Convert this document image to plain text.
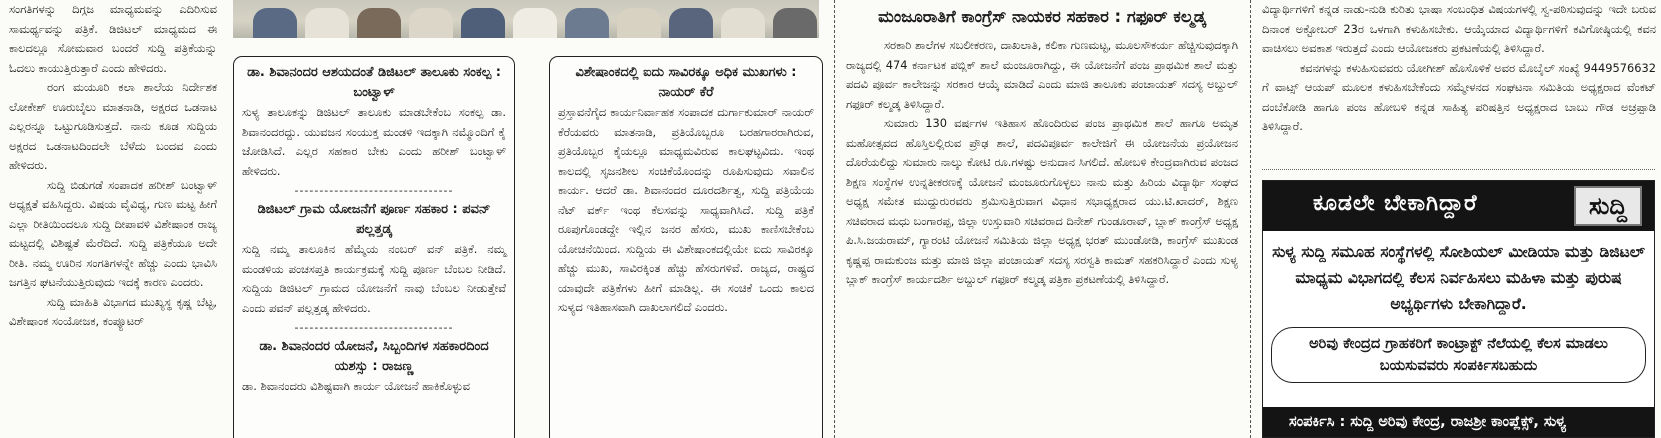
ಸಂಗತಿಗಳನ್ನು ದಿಗ್ಗಜ ಮಾಧ್ಯಮವನ್ನು ಎದಿರಿಸುವ ಸಾಮರ್ಥ್ಯವನ್ನು ಪತ್ರಿಕೆ. ಡಿಜಿಟಲ್ ಮಾಧ್ಯಮದ ಈ ಕಾಲದಲ್ಲೂ ಸೋಮವಾರ ಬಂದರೆ ಸುದ್ದಿ ಪತ್ರಿಕೆಯನ್ನು ಓದಲು ಕಾಯುತ್ತಿರುತ್ತಾರೆ ಎಂದು ಹೇಳಿದರು.

ರಂಗ ಮಯೂರಿ ಕಲಾ ಶಾಲೆಯ ನಿರ್ದೇಶಕ ಲೋಕೇಶ್ ಊರುಬೈಲು ಮಾತನಾಡಿ, ಅಕ್ಷರದ ಒಡನಾಟ ಎಲ್ಲರನ್ನೂ ಒಟ್ಟುಗೂಡಿಸುತ್ತದೆ. ನಾನು ಕೂಡ ಸುದ್ದಿಯ ಅಕ್ಷರದ ಒಡನಾಟದಿಂದಲೇ ಬೆಳೆದು ಬಂದವ ಎಂದು ಹೇಳಿದರು.

ಸುದ್ದಿ ಬಿಡುಗಡೆ ಸಂಪಾದಕ ಹರೀಶ್ ಬಂಟ್ವಾಳ್ ಅಧ್ಯಕ್ಷತೆ ವಹಿಸಿದ್ದರು. ವಿಷಯ ವೈವಿಧ್ಯ, ಗುಣ ಮಟ್ಟ ಹೀಗೆ ಎಲ್ಲಾ ರೀತಿಯಿಂದಲೂ ಸುದ್ದಿ ದೀಪಾವಳಿ ವಿಶೇಷಾಂಕ ರಾಜ್ಯ ಮಟ್ಟದಲ್ಲಿ ವಿಶಿಷ್ಟತೆ ಮೆರೆದಿದೆ. ಸುದ್ದಿ ಪತ್ರಿಕೆಯೂ ಅದೇ ರೀತಿ. ನಮ್ಮ ಊರಿನ ಸಂಗತಿಗಳನ್ನೇ ಹೆಚ್ಚು ಎಂದು ಭಾವಿಸಿ ಜಗತ್ತಿನ ಘಟನೆಯುತ್ತಿರುವುದು ಇದಕ್ಕೆ ಕಾರಣ ಎಂದರು.

ಸುದ್ದಿ ಮಾಹಿತಿ ವಿಭಾಗದ ಮುಖ್ಯಸ್ಥ ಕೃಷ್ಣ ಬೆಟ್ಟ, ವಿಶೇಷಾಂಕ ಸಂಯೋಜಕ, ಕಂಪ್ಯೂಟರ್

ಡಾ. ಶಿವಾನಂದರ ಆಶಯದಂತೆ ಡಿಜಿಟಲ್ ತಾಲೂಕು ಸಂಕಲ್ಪ : ಬಂಟ್ವಾಳ್

ಸುಳ್ಯ ತಾಲೂಕನ್ನು ಡಿಜಿಟಲ್ ತಾಲೂಕು ಮಾಡಬೇಕೆಂಬ ಸಂಕಲ್ಪ ಡಾ. ಶಿವಾನಂದರದ್ದು. ಯುವಜನ ಸಂಯುಕ್ತ ಮಂಡಳಿ ಇದಕ್ಕಾಗಿ ನಮ್ಮೊಂದಿಗೆ ಕೈ ಜೋಡಿಸಿದೆ. ಎಲ್ಲರ ಸಹಕಾರ ಬೇಕು ಎಂದು ಹರೀಶ್ ಬಂಟ್ವಾಳ್ ಹೇಳಿದರು.

--------------------------------
ಡಿಜಿಟಲ್ ಗ್ರಾಮ ಯೋಜನೆಗೆ ಪೂರ್ಣ ಸಹಕಾರ : ಪವನ್ ಪಲ್ಲತ್ತಡ್ಕ

ಸುದ್ದಿ ನಮ್ಮ ತಾಲೂಕಿನ ಹೆಮ್ಮೆಯ ನಂಬರ್ ವನ್ ಪತ್ರಿಕೆ. ನಮ್ಮ ಮಂಡಳಿಯ ಪಂಚಸಪ್ತತಿ ಕಾರ್ಯಕ್ರಮಕ್ಕೆ ಸುದ್ದಿ ಪೂರ್ಣ ಬೆಂಬಲ ನೀಡಿದೆ. ಸುದ್ದಿಯ ಡಿಜಿಟಲ್ ಗ್ರಾಮದ ಯೋಜನೆಗೆ ನಾವು ಬೆಂಬಲ ನೀಡುತ್ತೇವೆ ಎಂದು ಪವನ್ ಪಲ್ಲತ್ತಡ್ಕ ಹೇಳಿದರು.

--------------------------------
ಡಾ. ಶಿವಾನಂದರ ಯೋಜನೆ, ಸಿಬ್ಬಂದಿಗಳ ಸಹಕಾರದಿಂದ ಯಶಸ್ಸು : ರಾಜಣ್ಣ

ಡಾ. ಶಿವಾನಂದರು ವಿಶಿಷ್ಟವಾಗಿ ಕಾರ್ಯ ಯೋಜನೆ ಹಾಕಿಕೊಳ್ಳುವ

ವಿಶೇಷಾಂಕದಲ್ಲಿ ಐದು ಸಾವಿರಕ್ಕೂ ಅಧಿಕ ಮುಖಗಳು : ನಾಯರ್ ಕೆರೆ

ಪ್ರಸ್ತಾವನೆಗೈದ ಕಾರ್ಯನಿರ್ವಾಹಕ ಸಂಪಾದಕ ದುರ್ಗಾಕುಮಾರ್ ನಾಯರ್ ಕೆರೆಯವರು ಮಾತನಾಡಿ, ಪ್ರತಿಯೊಬ್ಬರೂ ಬರಹಗಾರರಾಗಿರುವ, ಪ್ರತಿಯೊಬ್ಬರ ಕೈಯಲ್ಲೂ ಮಾಧ್ಯಮವಿರುವ ಕಾಲಘಟ್ಟವಿದು. ಇಂಥ ಕಾಲದಲ್ಲಿ ಸೃಜನಶೀಲ ಸಂಚಿಕೆಯೊಂದನ್ನು ರೂಪಿಸುವುದು ಸವಾಲಿನ ಕಾರ್ಯ. ಆದರೆ ಡಾ. ಶಿವಾನಂದರ ದೂರದರ್ಶಿತ್ವ, ಸುದ್ದಿ ಪತ್ರಿಯೆಯ ನೆಟ್ ವರ್ಕ್ ಇಂಥ ಕೆಲಸವನ್ನು ಸಾಧ್ಯವಾಗಿಸಿದೆ. ಸುದ್ದಿ ಪತ್ರಿಕೆ ರೂಪುಗೊಂಡದ್ದೇ ಇಲ್ಲಿನ ಜನರ ಹೆಸರು, ಮುಖ ಕಾಣಿಸಬೇಕೆಂಬ ಯೋಚನೆಯಿಂದ. ಸುದ್ದಿಯ ಈ ವಿಶೇಷಾಂಕದಲ್ಲಿಯೇ ಐದು ಸಾವಿರಕ್ಕೂ ಹೆಚ್ಚು ಮುಖ, ಸಾವಿರಕ್ಕಿಂತ ಹೆಚ್ಚು ಹೆಸರುಗಳಿವೆ. ರಾಜ್ಯದ, ರಾಷ್ಟ್ರದ ಯಾವುದೇ ಪತ್ರಿಕೆಗಳು ಹೀಗೆ ಮಾಡಿಲ್ಲ. ಈ ಸಂಚಿಕೆ ಒಂದು ಕಾಲದ ಸುಳ್ಯದ ಇತಿಹಾಸವಾಗಿ ದಾಖಲಾಗಲಿದೆ ಎಂದರು.

ಮಂಜೂರಾತಿಗೆ ಕಾಂಗ್ರೆಸ್ ನಾಯಕರ ಸಹಕಾರ : ಗಫೂರ್ ಕಲ್ಮಡ್ಕ

ಸರಕಾರಿ ಶಾಲೆಗಳ ಸಬಲೀಕರಣ, ದಾಖಲಾತಿ, ಕಲಿಕಾ ಗುಣಮಟ್ಟ, ಮೂಲಸೌಕರ್ಯ ಹೆಚ್ಚಿಸುವುದಕ್ಕಾಗಿ ರಾಜ್ಯದಲ್ಲಿ 474 ಕರ್ನಾಟಕ ಪಬ್ಲಿಕ್ ಶಾಲೆ ಮಂಜೂರಾಗಿದ್ದು, ಈ ಯೋಜನೆಗೆ ಪಂಜ ಪ್ರಾಥಮಿಕ ಶಾಲೆ ಮತ್ತು ಪದವಿ ಪೂರ್ವ ಕಾಲೇಜನ್ನು ಸರಕಾರ ಆಯ್ಕೆ ಮಾಡಿದೆ ಎಂದು ಮಾಜಿ ತಾಲೂಕು ಪಂಚಾಯತ್ ಸದಸ್ಯ ಅಬ್ದುಲ್ ಗಫೂರ್ ಕಲ್ಮಡ್ಕ ತಿಳಿಸಿದ್ದಾರೆ.

ಸುಮಾರು 130 ವರ್ಷಗಳ ಇತಿಹಾಸ ಹೊಂದಿರುವ ಪಂಜ ಪ್ರಾಥಮಿಕ ಶಾಲೆ ಹಾಗೂ ಅಮೃತ ಮಹೋತ್ಸವದ ಹೊಸ್ತಿಲಲ್ಲಿರುವ ಪ್ರೌಢ ಶಾಲೆ, ಪದವಿಪೂರ್ವ ಕಾಲೇಜಿಗೆ ಈ ಯೋಜನೆಯ ಪ್ರಯೋಜನ ದೊರೆಯಲಿದ್ದು ಸುಮಾರು ನಾಲ್ಕು ಕೋಟಿ ರೂ.ಗಳಷ್ಟು ಅನುದಾನ ಸಿಗಲಿದೆ. ಹೋಬಳಿ ಕೇಂದ್ರವಾಗಿರುವ ಪಂಜದ ಶಿಕ್ಷಣ ಸಂಸ್ಥೆಗಳ ಉನ್ನತೀಕರಣಕ್ಕೆ ಯೋಜನೆ ಮಂಜೂರುಗೊಳ್ಳಲು ನಾನು ಮತ್ತು ಹಿರಿಯ ವಿದ್ಯಾರ್ಥಿ ಸಂಘದ ಅಧ್ಯಕ್ಷ ಸಮೇತ ಮುದ್ದುರುರವರು ಶ್ರಮಿಸುತ್ತಿರುವಾಗ ವಿಧಾನ ಸಭಾಧ್ಯಕ್ಷರಾದ ಯು.ಟಿ.ಖಾದರ್, ಶಿಕ್ಷಣ ಸಚಿವರಾದ ಮಧು ಬಂಗಾರಪ್ಪ, ಜಿಲ್ಲಾ ಉಸ್ತುವಾರಿ ಸಚಿವರಾದ ದಿನೇಶ್ ಗುಂಡೂರಾವ್, ಬ್ಲಾಕ್ ಕಾಂಗ್ರೆಸ್ ಅಧ್ಯಕ್ಷ ಪಿ.ಸಿ.ಜಯರಾಮ್, ಗ್ಯಾರಂಟಿ ಯೋಜನೆ ಸಮಿತಿಯ ಜಿಲ್ಲಾ ಅಧ್ಯಕ್ಷ ಭರತ್ ಮುಂಡೋಡಿ, ಕಾಂಗ್ರೆಸ್ ಮುಖಂಡ ಕೃಷ್ಣಪ್ಪ ರಾಮಕುಂಜ ಮತ್ತು ಮಾಜಿ ಜಿಲ್ಲಾ ಪಂಚಾಯತ್ ಸದಸ್ಯ ಸರಸ್ವತಿ ಕಾಮತ್ ಸಹಕರಿಸಿದ್ದಾರೆ ಎಂದು ಸುಳ್ಯ ಬ್ಲಾಕ್ ಕಾಂಗ್ರೆಸ್ ಕಾರ್ಯದರ್ಶಿ ಅಬ್ದುಲ್ ಗಫೂರ್ ಕಲ್ಮಡ್ಕ ಪತ್ರಿಕಾ ಪ್ರಕಟಣೆಯಲ್ಲಿ ತಿಳಿಸಿದ್ದಾರೆ.

ವಿದ್ಯಾರ್ಥಿಗಳಿಗೆ ಕನ್ನಡ ನಾಡು-ನುಡಿ ಕುರಿತು ಭಾಷಾ ಸಂಬಂಧಿತ ವಿಷಯಗಳಲ್ಲಿ ಸ್ವ-ಪಠಿಸುವುದನ್ನು ಇದೇ ಬರುವ ದಿನಾಂಕ ಅಕ್ಟೋಬರ್ 23ರ ಒಳಗಾಗಿ ಕಳುಹಿಸಬೇಕು. ಆಯ್ಕೆಯಾದ ವಿದ್ಯಾರ್ಥಿಗಳಿಗೆ ಕವಿಗೋಷ್ಠಿಯಲ್ಲಿ ಕವನ ವಾಚಿಸಲು ಅವಕಾಶ ಇರುತ್ತದೆ ಎಂದು ಆಯೋಜಕರು ಪ್ರಕಟಣೆಯಲ್ಲಿ ತಿಳಿಸಿದ್ದಾರೆ.

ಕವನಗಳನ್ನು ಕಳುಹಿಸುವವರು ಯೋಗೀಶ್ ಹೊಸೊಳಿಕೆ ಅವರ ಮೊಬೈಲ್ ಸಂಖ್ಯೆ 9449576632 ಗೆ ವಾಟ್ಸ್ ಆಯಪ್ ಮೂಲಕ ಕಳುಹಿಸಬೇಕೆಂದು ಸಮ್ಮೇಳನದ ಸಂಘಟನಾ ಸಮಿತಿಯ ಅಧ್ಯಕ್ಷರಾದ ವೆಂಕಟ್ ದಂಬೆಕೋಡಿ ಹಾಗೂ ಪಂಜ ಹೋಬಳಿ ಕನ್ನಡ ಸಾಹಿತ್ಯ ಪರಿಷತ್ತಿನ ಅಧ್ಯಕ್ಷರಾದ ಬಾಬು ಗೌಡ ಅಚ್ರಪ್ಪಾಡಿ ತಿಳಿಸಿದ್ದಾರೆ.

ಕೂಡಲೇ ಬೇಕಾಗಿದ್ದಾರೆ	ಸುದ್ದಿ
ಸುಳ್ಯ ಸುದ್ದಿ ಸಮೂಹ ಸಂಸ್ಥೆಗಳಲ್ಲಿ ಸೋಶಿಯಲ್ ಮೀಡಿಯಾ ಮತ್ತು ಡಿಜಿಟಲ್ ಮಾಧ್ಯಮ ವಿಭಾಗದಲ್ಲಿ ಕೆಲಸ ನಿರ್ವಹಿಸಲು ಮಹಿಳಾ ಮತ್ತು ಪುರುಷ ಅಭ್ಯರ್ಥಿಗಳು ಬೇಕಾಗಿದ್ದಾರೆ.
ಅರಿವು ಕೇಂದ್ರದ ಗ್ರಾಹಕರಿಗೆ ಕಾಂಟ್ರಾಕ್ಟ್ ನೆಲೆಯಲ್ಲಿ ಕೆಲಸ ಮಾಡಲು ಬಯಸುವವರು ಸಂಪರ್ಕಿಸಬಹುದು
ಸಂಪರ್ಕಿಸಿ : ಸುದ್ದಿ ಅರಿವು ಕೇಂದ್ರ, ರಾಜಶ್ರೀ ಕಾಂಪ್ಲೆಕ್ಸ್, ಸುಳ್ಯ
